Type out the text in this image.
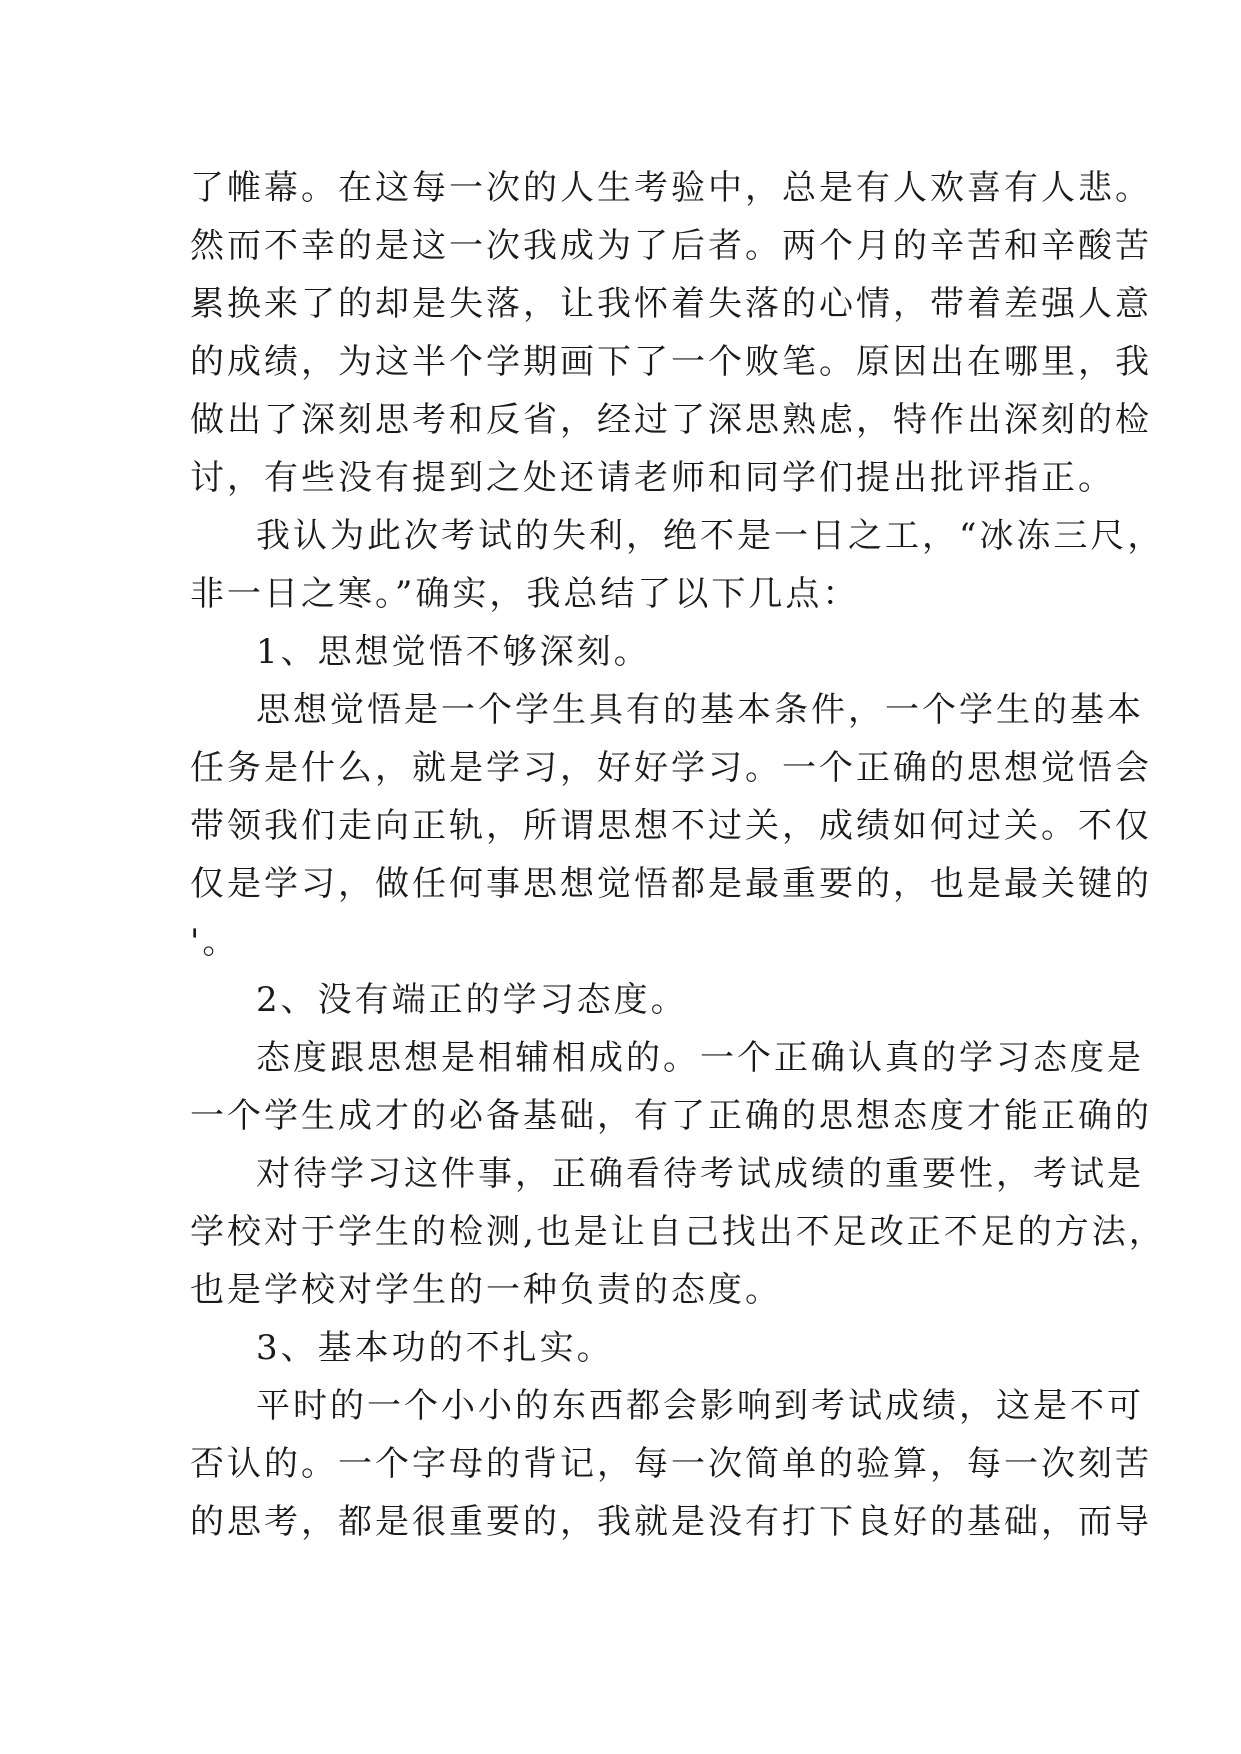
了帷幕。在这每一次的人生考验中，总是有人欢喜有人悲。
然而不幸的是这一次我成为了后者。两个月的辛苦和辛酸苦
累换来了的却是失落，让我怀着失落的心情，带着差强人意
的成绩，为这半个学期画下了一个败笔。原因出在哪里，我
做出了深刻思考和反省，经过了深思熟虑，特作出深刻的检
讨，有些没有提到之处还请老师和同学们提出批评指正。
我认为此次考试的失利，绝不是一日之工，“冰冻三尺，
非一日之寒。”确实，我总结了以下几点：
1、思想觉悟不够深刻。
思想觉悟是一个学生具有的基本条件，一个学生的基本
任务是什么，就是学习，好好学习。一个正确的思想觉悟会
带领我们走向正轨，所谓思想不过关，成绩如何过关。不仅
仅是学习，做任何事思想觉悟都是最重要的，也是最关键的
'。
2、没有端正的学习态度。
态度跟思想是相辅相成的。一个正确认真的学习态度是
一个学生成才的必备基础，有了正确的思想态度才能正确的
对待学习这件事，正确看待考试成绩的重要性，考试是
学校对于学生的检测,也是让自己找出不足改正不足的方法，
也是学校对学生的一种负责的态度。
3、基本功的不扎实。
平时的一个小小的东西都会影响到考试成绩，这是不可
否认的。一个字母的背记，每一次简单的验算，每一次刻苦
的思考，都是很重要的，我就是没有打下良好的基础，而导
